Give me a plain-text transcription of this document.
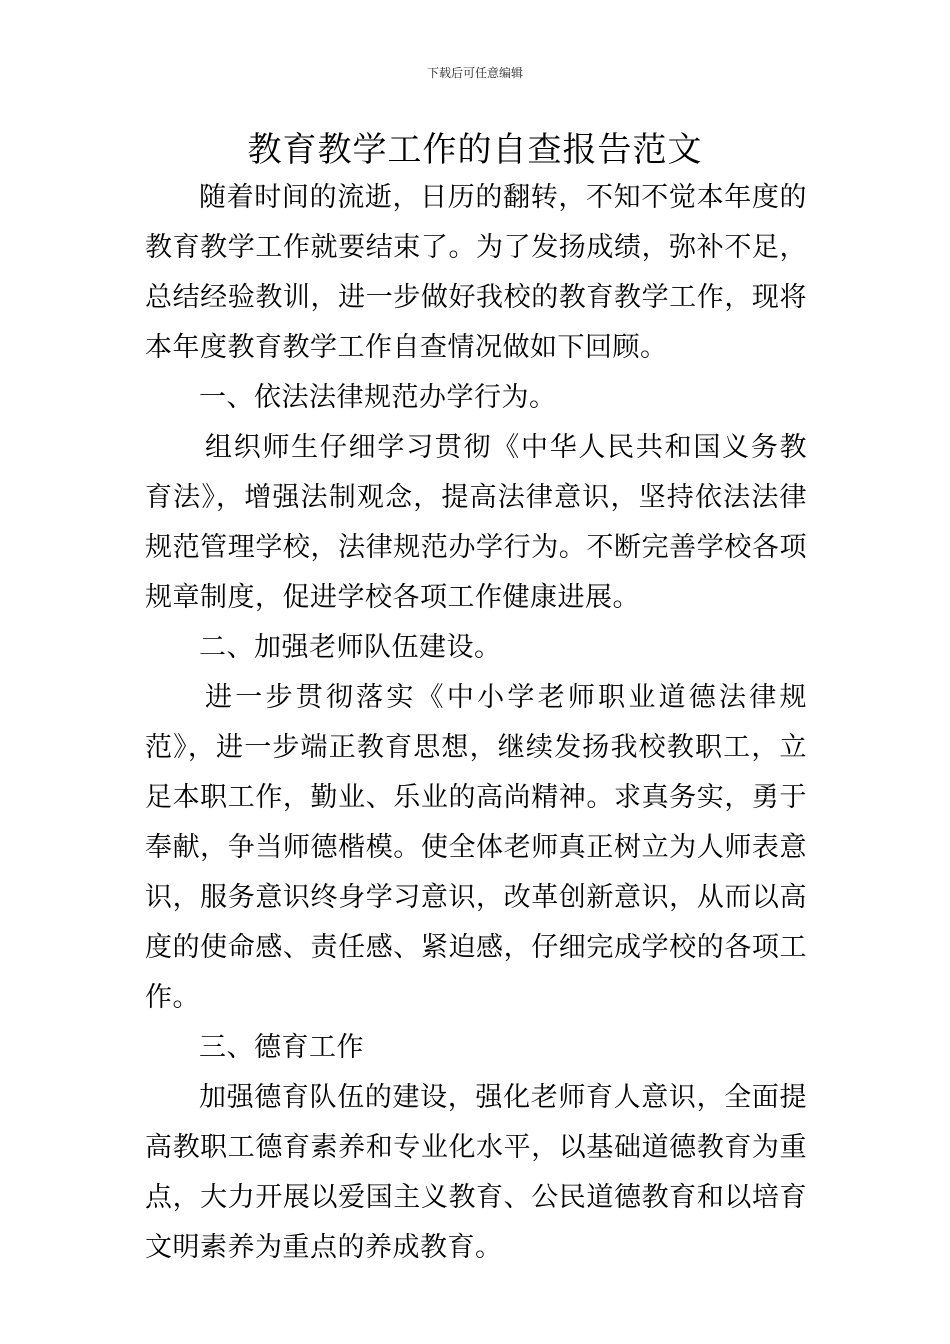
下载后可任意编辑
教育教学工作的自查报告范文

随着时间的流逝，日历的翻转，不知不觉本年度的教育教学工作就要结束了。为了发扬成绩，弥补不足，总结经验教训，进一步做好我校的教育教学工作，现将本年度教育教学工作自查情况做如下回顾。

一、依法法律规范办学行为。

组织师生仔细学习贯彻《中华人民共和国义务教育法》，增强法制观念，提高法律意识，坚持依法法律规范管理学校，法律规范办学行为。不断完善学校各项规章制度，促进学校各项工作健康进展。

二、加强老师队伍建设。

进一步贯彻落实《中小学老师职业道德法律规范》，进一步端正教育思想，继续发扬我校教职工，立足本职工作，勤业、乐业的高尚精神。求真务实，勇于奉献，争当师德楷模。使全体老师真正树立为人师表意识，服务意识终身学习意识，改革创新意识，从而以高度的使命感、责任感、紧迫感，仔细完成学校的各项工作。

三、德育工作

加强德育队伍的建设，强化老师育人意识，全面提高教职工德育素养和专业化水平，以基础道德教育为重点，大力开展以爱国主义教育、公民道德教育和以培育文明素养为重点的养成教育。
